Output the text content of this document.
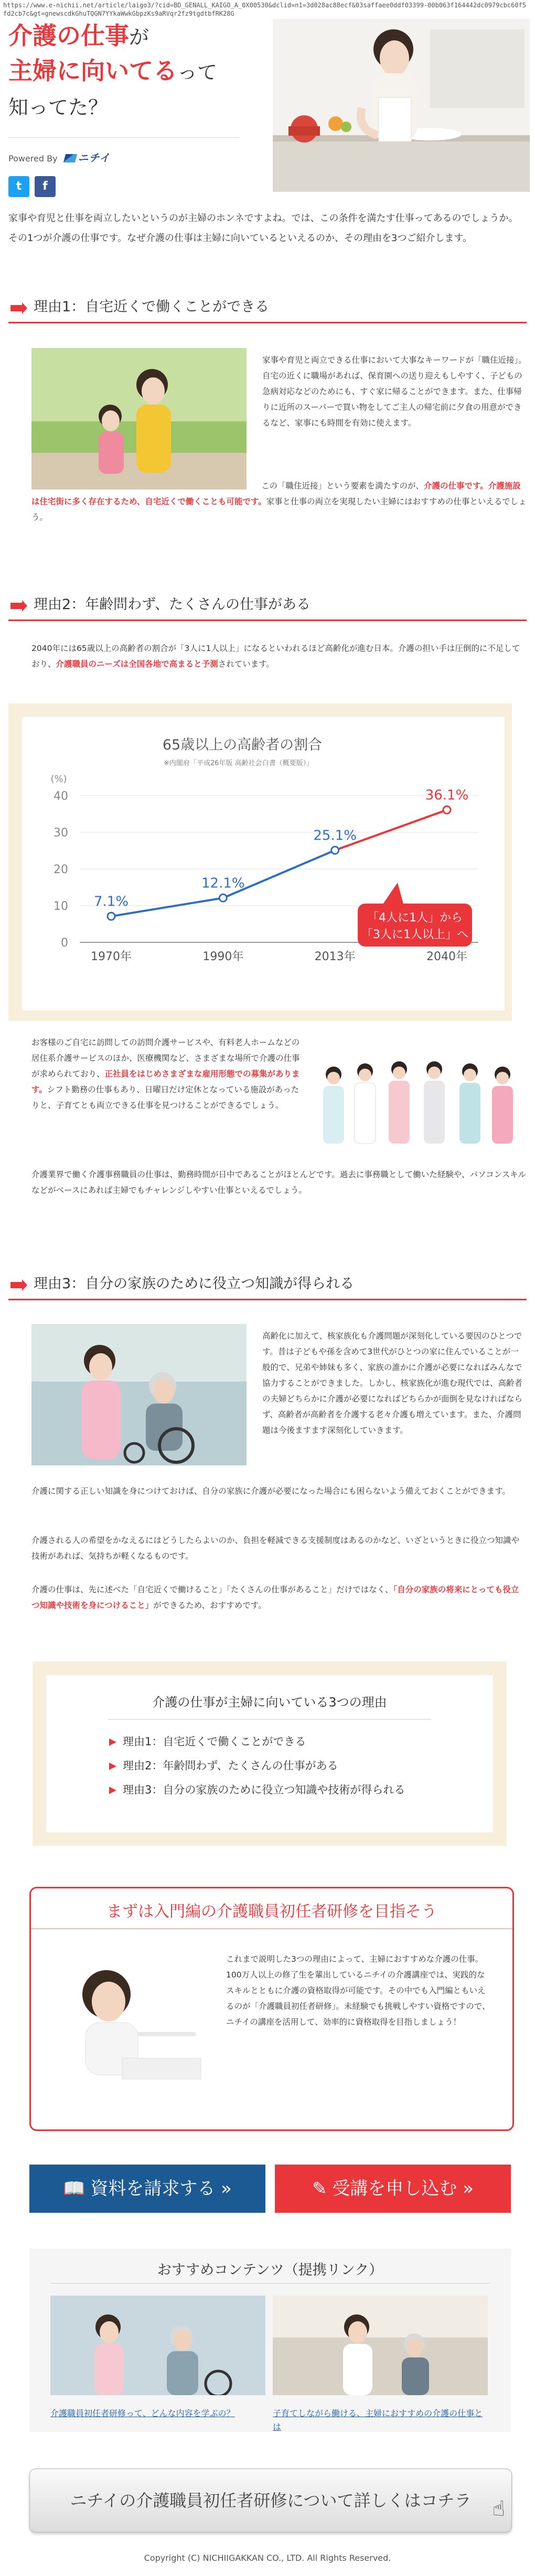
https://www.e-nichii.net/article/laigo3/?cid=BD_GENALL_KAIGO_A_0X00530&dclid=n1=3d028ac88ecf&03saffaee0ddf03399-00b063f164442dc0979cbc60f5fd2cb7c&gt=gnewscdkGhuTQGN7YYkaWwkGbpzKs9aRVqr2fz9tgdtbfRK28G
介護の仕事が
主婦に向いてるって
知ってた？
Powered By ニチイ
t f
家事や育児と仕事を両立したいというのが主婦のホンネですよね。では、この条件を満たす仕事ってあるのでしょうか。その1つが介護の仕事です。なぜ介護の仕事は主婦に向いているといえるのか、その理由を3つご紹介します。
理由1：自宅近くで働くことができる
家事や育児と両立できる仕事において大事なキーワードが「職住近接」。自宅の近くに職場があれば、保育園への送り迎えもしやすく、子どもの急病対応などのためにも、すぐ家に帰ることができます。また、仕事帰りに近所のスーパーで買い物をしてご主人の帰宅前に夕食の用意ができるなど、家事にも時間を有効に使えます。
この「職住近接」という要素を満たすのが、介護の仕事です。介護施設は住宅街に多く存在するため、自宅近くで働くことも可能です。家事と仕事の両立を実現したい主婦にはおすすめの仕事といえるでしょう。
理由2：年齢問わず、たくさんの仕事がある
2040年には65歳以上の高齢者の割合が「3人に1人以上」になるといわれるほど高齢化が進む日本。介護の担い手は圧倒的に不足しており、介護職員のニーズは全国各地で高まると予測されています。
65歳以上の高齢者の割合
※内閣府「平成26年版 高齢社会白書（概要版）」
(%)
0
10
20
30
40
1970年	1990年	2013年	2040年
7.1%
12.1%
25.1%
36.1%
「4人に1人」から
「3人に1人以上」へ
お客様のご自宅に訪問しての訪問介護サービスや、有料老人ホームなどの居住系介護サービスのほか、医療機関など、さまざまな場所で介護の仕事が求められており、正社員をはじめさまざまな雇用形態での募集があります。シフト勤務の仕事もあり、日曜日だけ定休となっている施設があったりと、子育てとも両立できる仕事を見つけることができるでしょう。
介護業界で働く介護事務職員の仕事は、勤務時間が日中であることがほとんどです。過去に事務職として働いた経験や、パソコンスキルなどがベースにあれば主婦でもチャレンジしやすい仕事といえるでしょう。
理由3：自分の家族のために役立つ知識が得られる
高齢化に加えて、核家族化も介護問題が深刻化している要因のひとつです。昔は子どもや孫を含めて3世代がひとつの家に住んでいることが一般的で、兄弟や姉妹も多く、家族の誰かに介護が必要になればみんなで協力することができました。しかし、核家族化が進む現代では、高齢者の夫婦どちらかに介護が必要になればどちらかが面倒を見なければならず、高齢者が高齢者を介護する老々介護も増えています。また、介護問題は今後ますます深刻化していきます。
介護に関する正しい知識を身につけておけば、自分の家族に介護が必要になった場合にも困らないよう備えておくことができます。
介護される人の希望をかなえるにはどうしたらよいのか、負担を軽減できる支援制度はあるのかなど、いざというときに役立つ知識や技術があれば、気持ちが軽くなるものです。
介護の仕事は、先に述べた「自宅近くで働けること」「たくさんの仕事があること」だけではなく、「自分の家族の将来にとっても役立つ知識や技術を身につけること」ができるため、おすすめです。
介護の仕事が主婦に向いている3つの理由
理由1：自宅近くで働くことができる
理由2：年齢問わず、たくさんの仕事がある
理由3：自分の家族のために役立つ知識や技術が得られる
まずは入門編の介護職員初任者研修を目指そう
これまで説明した3つの理由によって、主婦におすすめな介護の仕事。100万人以上の修了生を輩出しているニチイの介護講座では、実践的なスキルとともに介護の資格取得が可能です。その中でも入門編ともいえるのが「介護職員初任者研修」。未経験でも挑戦しやすい資格ですので、ニチイの講座を活用して、効率的に資格取得を目指しましょう！
📖 資料を請求する »	✎ 受講を申し込む »
おすすめコンテンツ（提携リンク）
介護職員初任者研修って、どんな内容を学ぶの？	子育てしながら働ける、主婦におすすめの介護の仕事とは
ニチイの介護職員初任者研修について詳しくはコチラ ☝
Copyright (C) NICHIIGAKKAN CO., LTD. All Rights Reserved.
